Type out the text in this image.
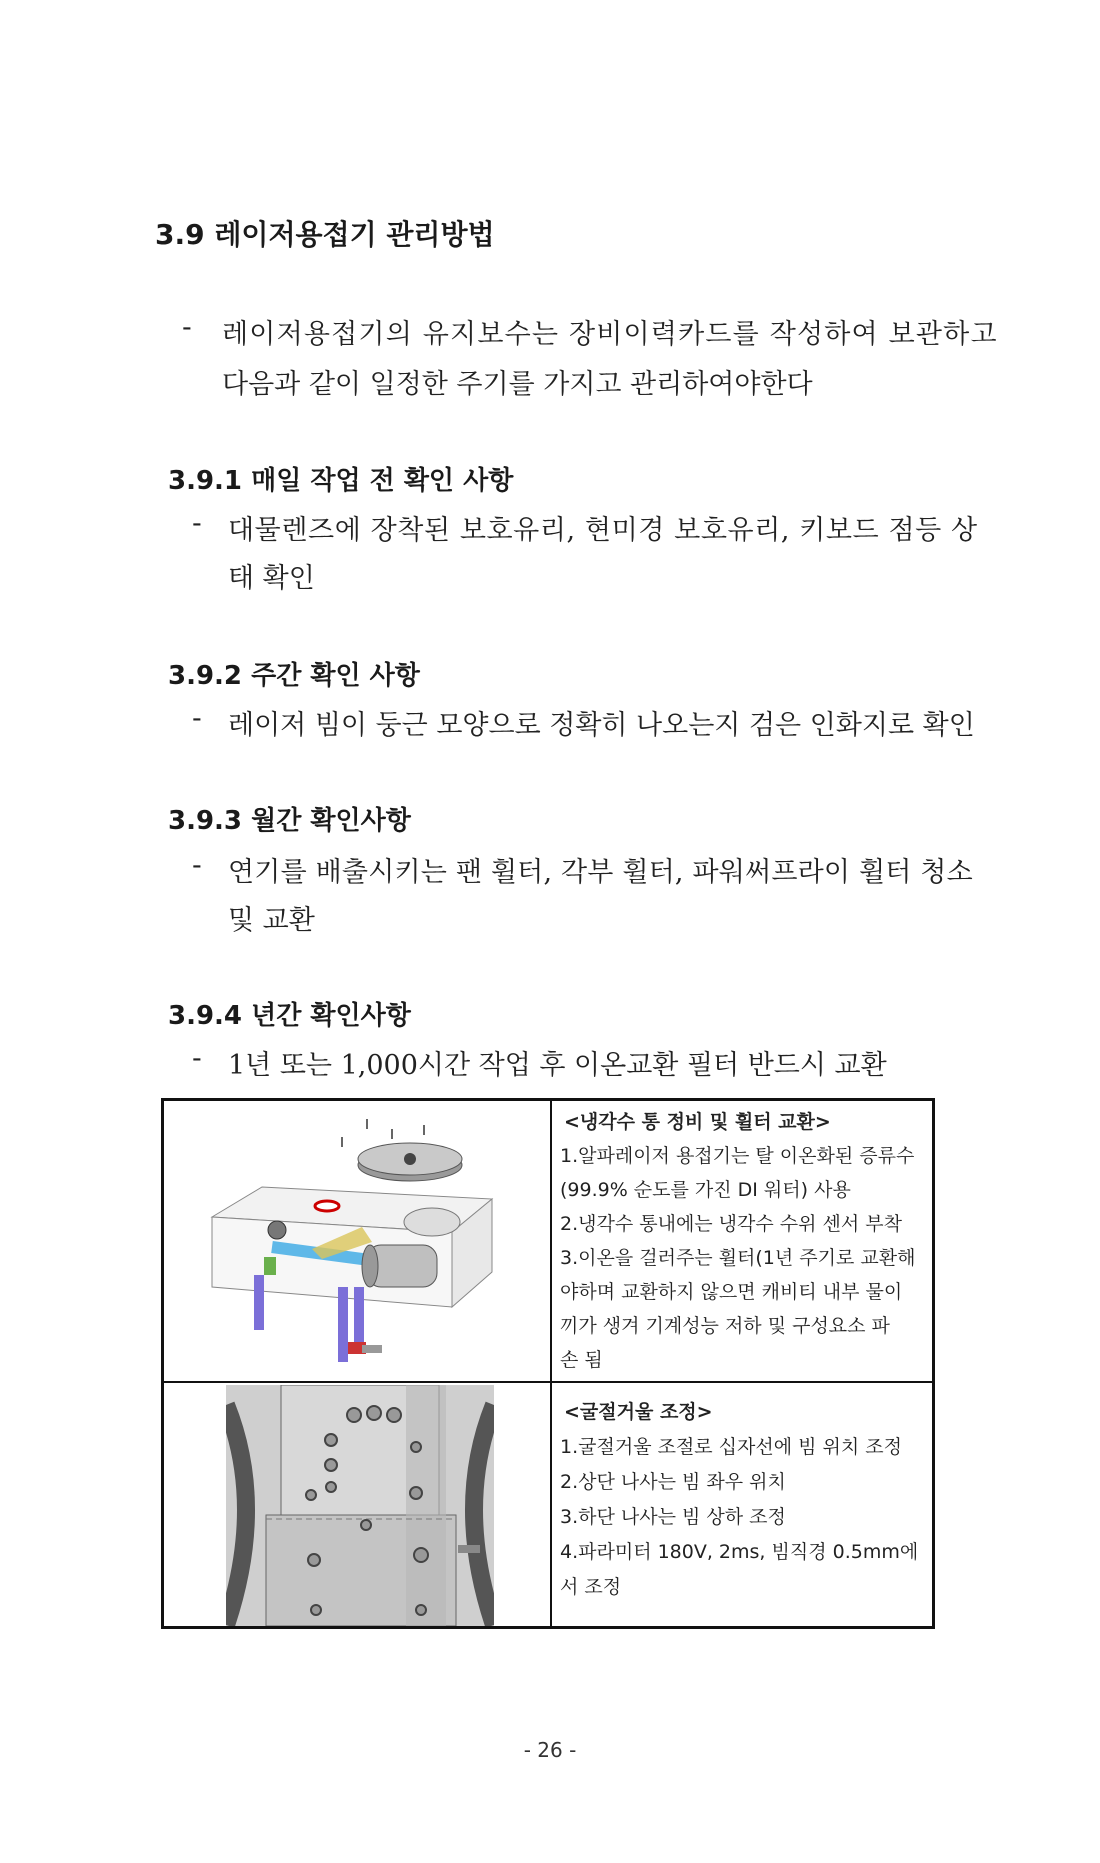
3.9 레이저용접기 관리방법
- 레이저용접기의 유지보수는 장비이력카드를 작성하여 보관하고
다음과 같이 일정한 주기를 가지고 관리하여야한다
3.9.1 매일 작업 전 확인 사항
- 대물렌즈에 장착된 보호유리, 현미경 보호유리, 키보드 점등 상
태 확인
3.9.2 주간 확인 사항
- 레이저 빔이 둥근 모양으로 정확히 나오는지 검은 인화지로 확인
3.9.3 월간 확인사항
- 연기를 배출시키는 팬 휠터, 각부 휠터, 파워써프라이 휠터 청소
및 교환
3.9.4 년간 확인사항
- 1년 또는 1,000시간 작업 후 이온교환 필터 반드시 교환
<냉각수 통 정비 및 휠터 교환>
1.알파레이저 용접기는 탈 이온화된 증류수
(99.9% 순도를 가진 DI 워터) 사용
2.냉각수 통내에는 냉각수 수위 센서 부착
3.이온을 걸러주는 휠터(1년 주기로 교환해
야하며 교환하지 않으면 캐비티 내부 물이
끼가 생겨 기계성능 저하 및 구성요소 파
손 됨
<굴절거울 조정>
1.굴절거울 조절로 십자선에 빔 위치 조정
2.상단 나사는 빔 좌우 위치
3.하단 나사는 빔 상하 조정
4.파라미터 180V, 2ms, 빔직경 0.5mm에
서 조정
- 26 -
